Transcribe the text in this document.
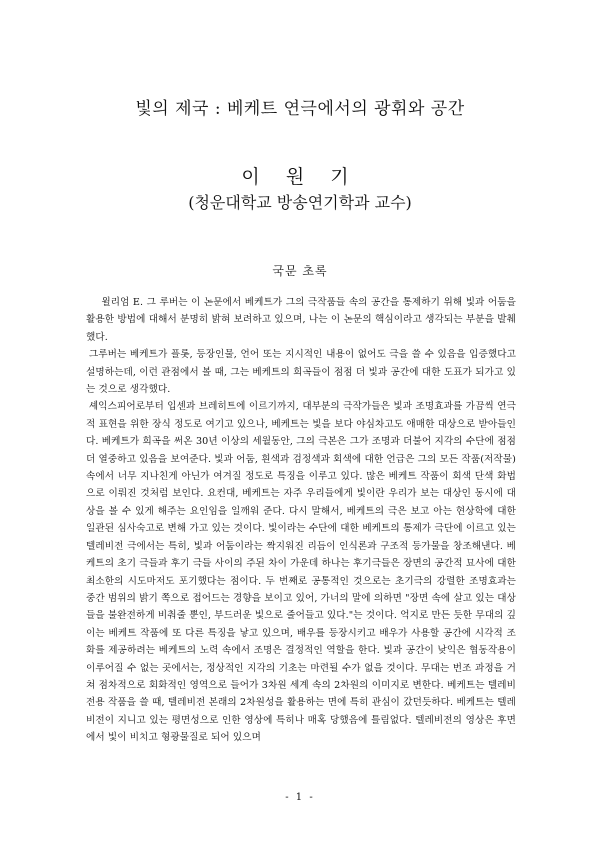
빛의 제국 : 베케트 연극에서의 광휘와 공간
이 원 기
(청운대학교 방송연기학과 교수)
국문 초록

윌리엄 E. 그 루버는 이 논문에서 베케트가 그의 극작품들 속의 공간을 통제하기 위해 빛과 어둠을 활용한 방법에 대해서 분명히 밝혀 보려하고 있으며, 나는 이 논문의 핵심이라고 생각되는 부분을 발췌했다.

그루버는 베케트가 플롯, 등장인물, 언어 또는 지시적인 내용이 없어도 극을 쓸 수 있음을 입증했다고 설명하는데, 이런 관점에서 볼 때, 그는 베케트의 희곡들이 점점 더 빛과 공간에 대한 도표가 되가고 있는 것으로 생각했다.

셰익스피어로부터 입센과 브레히트에 이르기까지, 대부분의 극작가들은 빛과 조명효과를 가끔씩 연극적 표현을 위한 장식 정도로 여기고 있으나, 베케트는 빛을 보다 야심차고도 애매한 대상으로 받아들인다. 베케트가 희곡을 써온 30년 이상의 세월동안, 그의 극본은 그가 조명과 더불어 지각의 수단에 점점 더 열중하고 있음을 보여준다. 빛과 어둠, 흰색과 검정색과 회색에 대한 언급은 그의 모든 작품(저작물) 속에서 너무 지나친게 아닌가 여겨질 정도로 특징을 이루고 있다. 많은 베케트 작품이 회색 단색 화법으로 이뤄진 것처럼 보인다. 요컨대, 베케트는 자주 우리들에게 빛이란 우리가 보는 대상인 동시에 대상을 볼 수 있게 해주는 요인임을 일깨워 준다. 다시 말해서, 베케트의 극은 보고 아는 현상학에 대한 일관된 심사숙고로 변해 가고 있는 것이다. 빛이라는 수단에 대한 베케트의 통제가 극단에 이르고 있는 텔레비전 극에서는 특히, 빛과 어둠이라는 짝지워진 리듬이 인식론과 구조적 등가물을 창조해낸다. 베케트의 초기 극들과 후기 극들 사이의 주된 차이 가운데 하나는 후기극들은 장면의 공간적 묘사에 대한 최소한의 시도마저도 포기했다는 점이다. 두 번째로 공통적인 것으로는 초기극의 강렬한 조명효과는 중간 범위의 밝기 쪽으로 접어드는 경향을 보이고 있어, 가너의 말에 의하면 "장면 속에 살고 있는 대상들을 불완전하게 비춰줄 뿐인, 부드러운 빛으로 줄어들고 있다."는 것이다. 억지로 만든 듯한 무대의 깊이는 베케트 작품에 또 다른 특징을 낳고 있으며, 배우를 등장시키고 배우가 사용할 공간에 시각적 조화를 제공하려는 베케트의 노력 속에서 조명은 결정적인 역할을 한다. 빛과 공간이 낮익은 협동작용이 이루어질 수 없는 곳에서는, 정상적인 지각의 기초는 마련될 수가 없을 것이다. 무대는 번조 과정을 거쳐 점차적으로 회화적인 영역으로 들어가 3차원 세계 속의 2차원의 이미지로 변한다. 베케트는 텔레비전용 작품을 쓸 때, 텔레비전 본래의 2차원성을 활용하는 면에 특히 관심이 갔던듯하다. 베케트는 텔레비전이 지니고 있는 평면성으로 인한 영상에 특히나 매혹 당했음에 틀림없다. 텔레비전의 영상은 후면에서 빛이 비치고 형광물질로 되어 있으며

- 1 -
